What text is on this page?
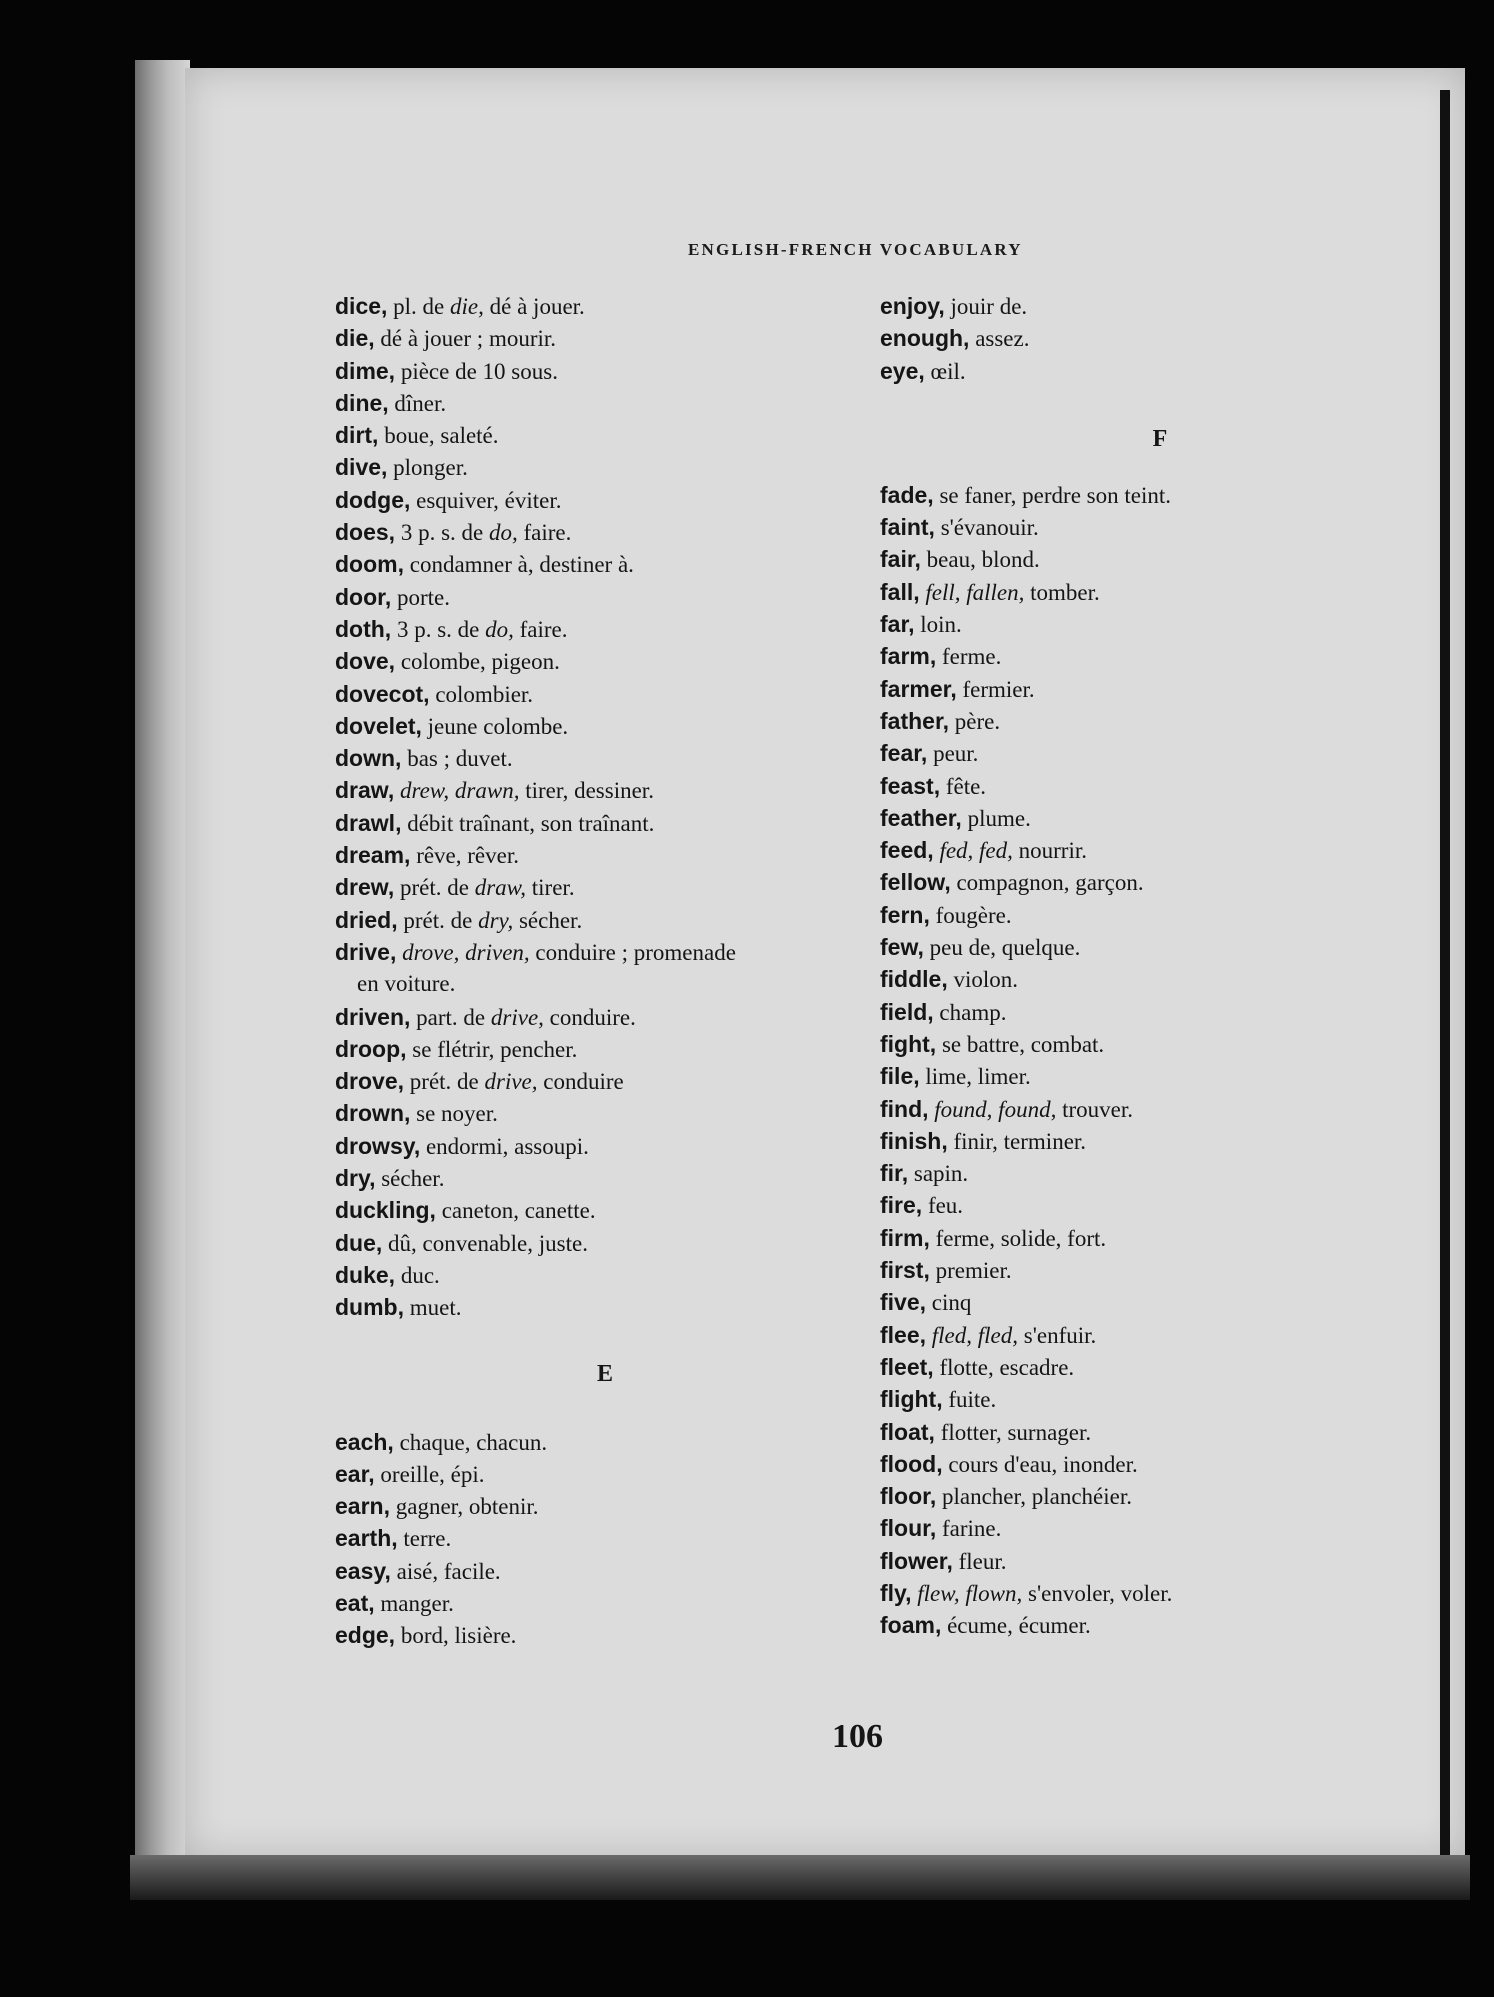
ENGLISH-FRENCH VOCABULARY
dice, pl. de die, dé à jouer.
die, dé à jouer ; mourir.
dime, pièce de 10 sous.
dine, dîner.
dirt, boue, saleté.
dive, plonger.
dodge, esquiver, éviter.
does, 3 p. s. de do, faire.
doom, condamner à, destiner à.
door, porte.
doth, 3 p. s. de do, faire.
dove, colombe, pigeon.
dovecot, colombier.
dovelet, jeune colombe.
down, bas ; duvet.
draw, drew, drawn, tirer, dessiner.
drawl, débit traînant, son traînant.
dream, rêve, rêver.
drew, prét. de draw, tirer.
dried, prét. de dry, sécher.
drive, drove, driven, conduire ; promenade
en voiture.
driven, part. de drive, conduire.
droop, se flétrir, pencher.
drove, prét. de drive, conduire
drown, se noyer.
drowsy, endormi, assoupi.
dry, sécher.
duckling, caneton, canette.
due, dû, convenable, juste.
duke, duc.
dumb, muet.
E
each, chaque, chacun.
ear, oreille, épi.
earn, gagner, obtenir.
earth, terre.
easy, aisé, facile.
eat, manger.
edge, bord, lisière.
enjoy, jouir de.
enough, assez.
eye, œil.
F
fade, se faner, perdre son teint.
faint, s'évanouir.
fair, beau, blond.
fall, fell, fallen, tomber.
far, loin.
farm, ferme.
farmer, fermier.
father, père.
fear, peur.
feast, fête.
feather, plume.
feed, fed, fed, nourrir.
fellow, compagnon, garçon.
fern, fougère.
few, peu de, quelque.
fiddle, violon.
field, champ.
fight, se battre, combat.
file, lime, limer.
find, found, found, trouver.
finish, finir, terminer.
fir, sapin.
fire, feu.
firm, ferme, solide, fort.
first, premier.
five, cinq
flee, fled, fled, s'enfuir.
fleet, flotte, escadre.
flight, fuite.
float, flotter, surnager.
flood, cours d'eau, inonder.
floor, plancher, planchéier.
flour, farine.
flower, fleur.
fly, flew, flown, s'envoler, voler.
foam, écume, écumer.
106
